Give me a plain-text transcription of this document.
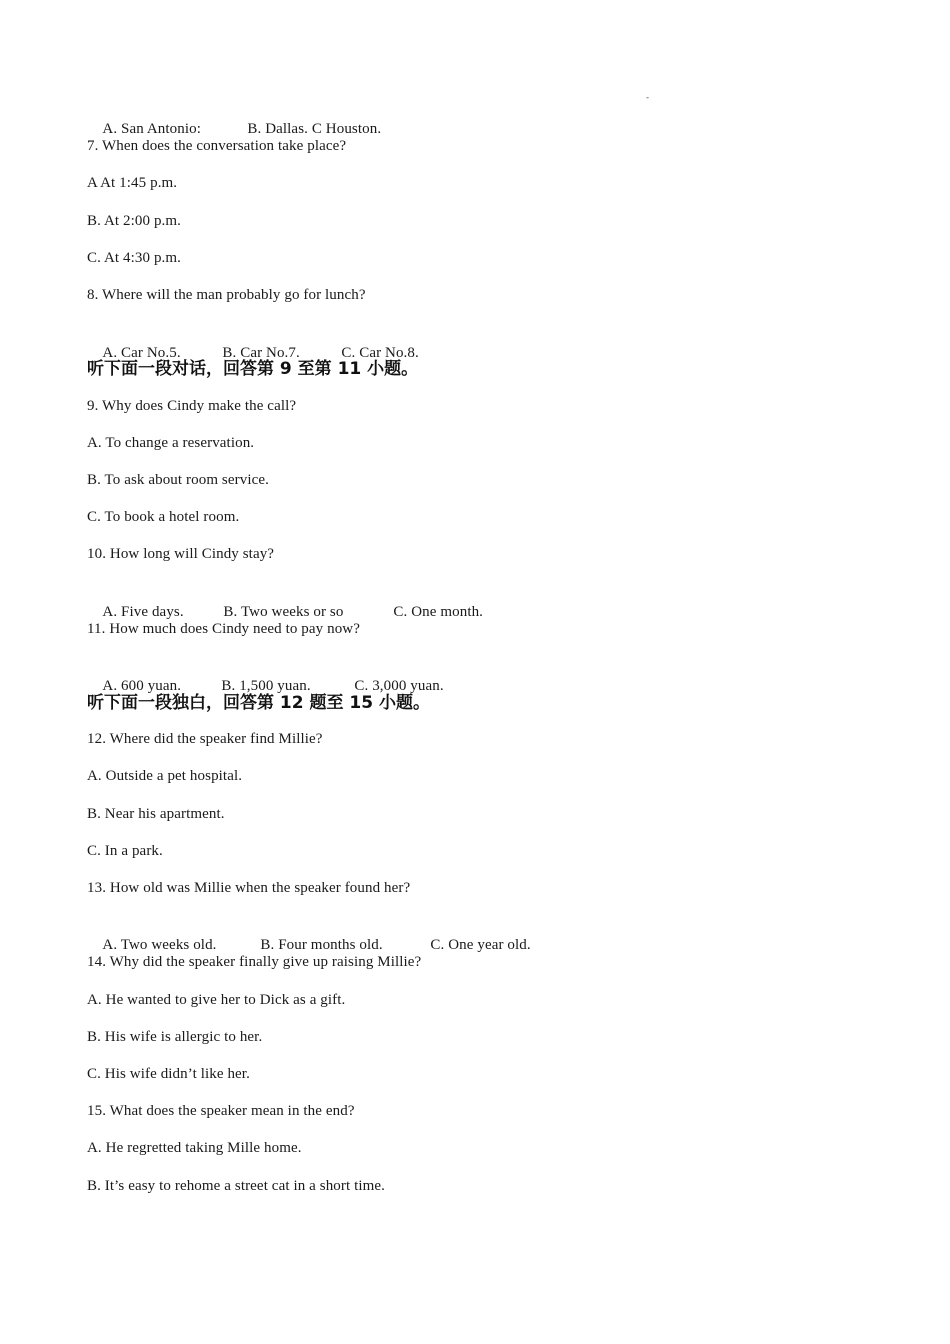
-

A. San Antonio:	B. Dallas. C Houston.

7. When does the conversation take place?
A At 1:45 p.m.
B. At 2:00 p.m.
C. At 4:30 p.m.
8. Where will the man probably go for lunch?

A. Car No.5.	B. Car No.7.	C. Car No.8.

听下面一段对话，回答第 9 至第 11 小题。
9. Why does Cindy make the call?
A. To change a reservation.
B. To ask about room service.
C. To book a hotel room.
10. How long will Cindy stay?

A. Five days.	B. Two weeks or so	C. One month.

11. How much does Cindy need to pay now?

A. 600 yuan.	B. 1,500 yuan.	C. 3,000 yuan.

听下面一段独白，回答第 12 题至 15 小题。
12. Where did the speaker find Millie?
A. Outside a pet hospital.
B. Near his apartment.
C. In a park.
13. How old was Millie when the speaker found her?

A. Two weeks old.	B. Four months old.	C. One year old.

14. Why did the speaker finally give up raising Millie?
A. He wanted to give her to Dick as a gift.
B. His wife is allergic to her.
C. His wife didn’t like her.
15. What does the speaker mean in the end?
A. He regretted taking Mille home.
B. It’s easy to rehome a street cat in a short time.
